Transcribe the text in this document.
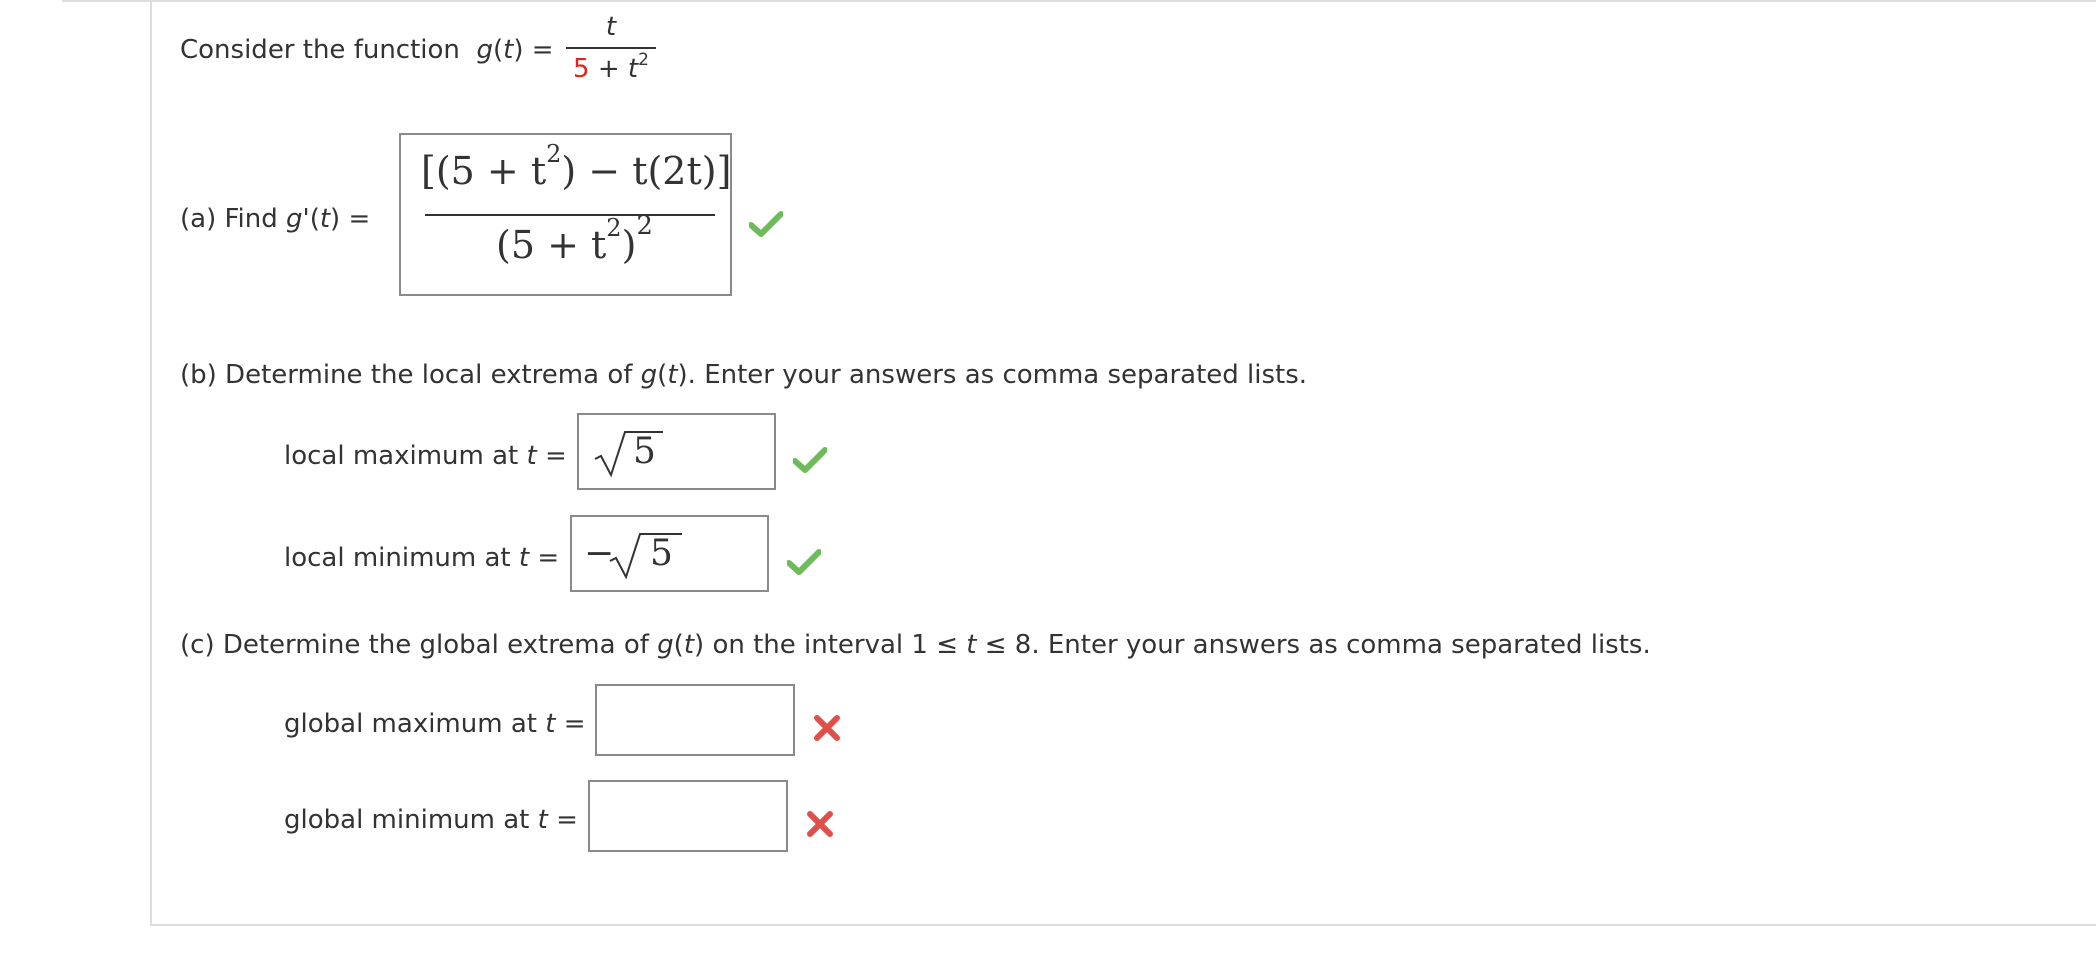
Consider the function g(t) =
t
$5 + t^2$
(a) Find g'(t) =
$[(5 + t^2) - t(2t)]$
$(5 + t^2)^2$
(b) Determine the local extrema of g(t). Enter your answers as comma separated lists.
local maximum at t = 5
local minimum at t = − 5
(c) Determine the global extrema of g(t) on the interval 1 ≤ t ≤ 8. Enter your answers as comma separated lists.
global maximum at t =
global minimum at t =
